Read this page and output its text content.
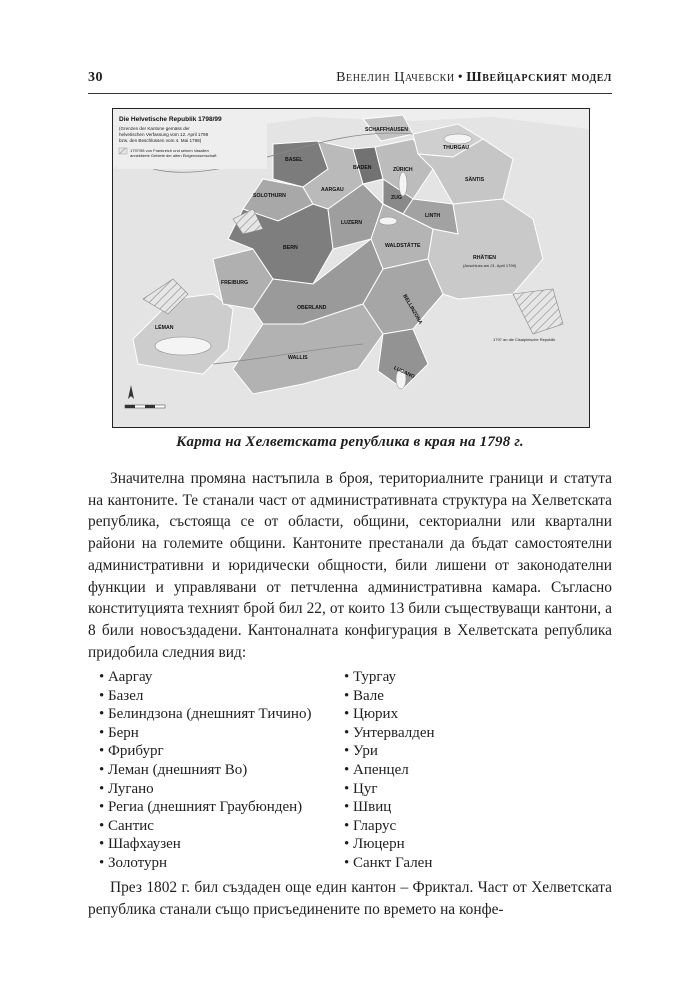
30	Венелин Цачевски • Швейцарският модел
Die Helvetische Republik 1798/99
(Grenzen der Kantone gemäss der
helvetischen Verfassung vom 12. April 1798
bzw. den Beschlüssen vom 4. Mai 1798)
1797/98 von Frankreich und seinen Vasallen
annektierte Gebiete der alten Eidgenossenschaft
SCHAFFHAUSEN
BASEL
THURGAU
BADEN	ZÜRICH
SÄNTIS
SOLOTHURN
AARGAU
ZUG
LUZERN
BERN	WALDSTÄTTE
LINTH
FREIBURG
LÉMAN
OBERLAND	BELLINZONA
RHÄTIEN
WALLIS
LUGANO
(Anschluss am 21. April 1799)
1797 an die Cisalpinische Republik
Карта на Хелветската република в края на 1798 г.

Значителна промяна настъпила в броя, териториалните граници и статута на кантоните. Те станали част от административната структура на Хелветската република, състояща се от области, общини, секториални или квартални райони на големите общини. Кантоните престанали да бъдат самостоятелни административни и юридически общности, били лишени от законодателни функции и управлявани от петчленна административна камара. Съгласно конституцията техният брой бил 22, от които 13 били съществуващи кантони, а 8 били новосъздадени. Кантоналната конфигурация в Хелветската република придобила следния вид:

• Ааргау
• Базел
• Белиндзона (днешният Тичино)
• Берн
• Фрибург
• Леман (днешният Во)
• Лугано
• Региа (днешният Граубюнден)
• Сантис
• Шафхаузен
• Золотурн
• Тургау
• Вале
• Цюрих
• Унтервалден
• Ури
• Апенцел
• Цуг
• Швиц
• Гларус
• Люцерн
• Санкт Гален

През 1802 г. бил създаден още един кантон – Фриктал. Част от Хелветската република станали също присъединените по времето на конфе-
